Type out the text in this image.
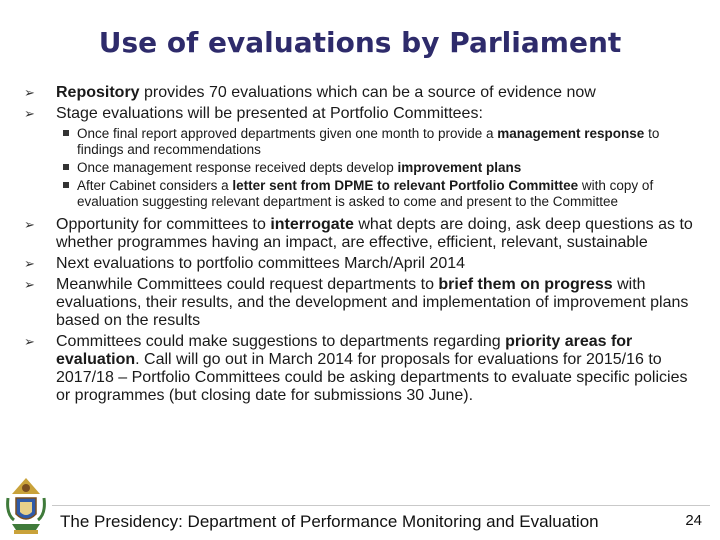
Use of evaluations by Parliament
➢ Repository provides 70 evaluations which can be a source of evidence now
➢ Stage evaluations will be presented at Portfolio Committees:
Once final report approved departments given one month to provide a management response to findings and recommendations
Once management response received depts develop improvement plans
After Cabinet considers a letter sent from DPME to relevant Portfolio Committee with copy of evaluation suggesting relevant department is asked to come and present to the Committee
➢ Opportunity for committees to interrogate what depts are doing, ask deep questions as to whether programmes having an impact, are effective, efficient, relevant, sustainable
➢ Next evaluations to portfolio committees March/April 2014
➢ Meanwhile Committees could request departments to brief them on progress with evaluations, their results, and the development and implementation of improvement plans based on the results
➢ Committees could make suggestions to departments regarding priority areas for evaluation. Call will go out in March 2014 for proposals for evaluations for 2015/16 to 2017/18 – Portfolio Committees could be asking departments to evaluate specific policies or programmes (but closing date for submissions 30 June).
The Presidency: Department of Performance Monitoring and Evaluation	24
